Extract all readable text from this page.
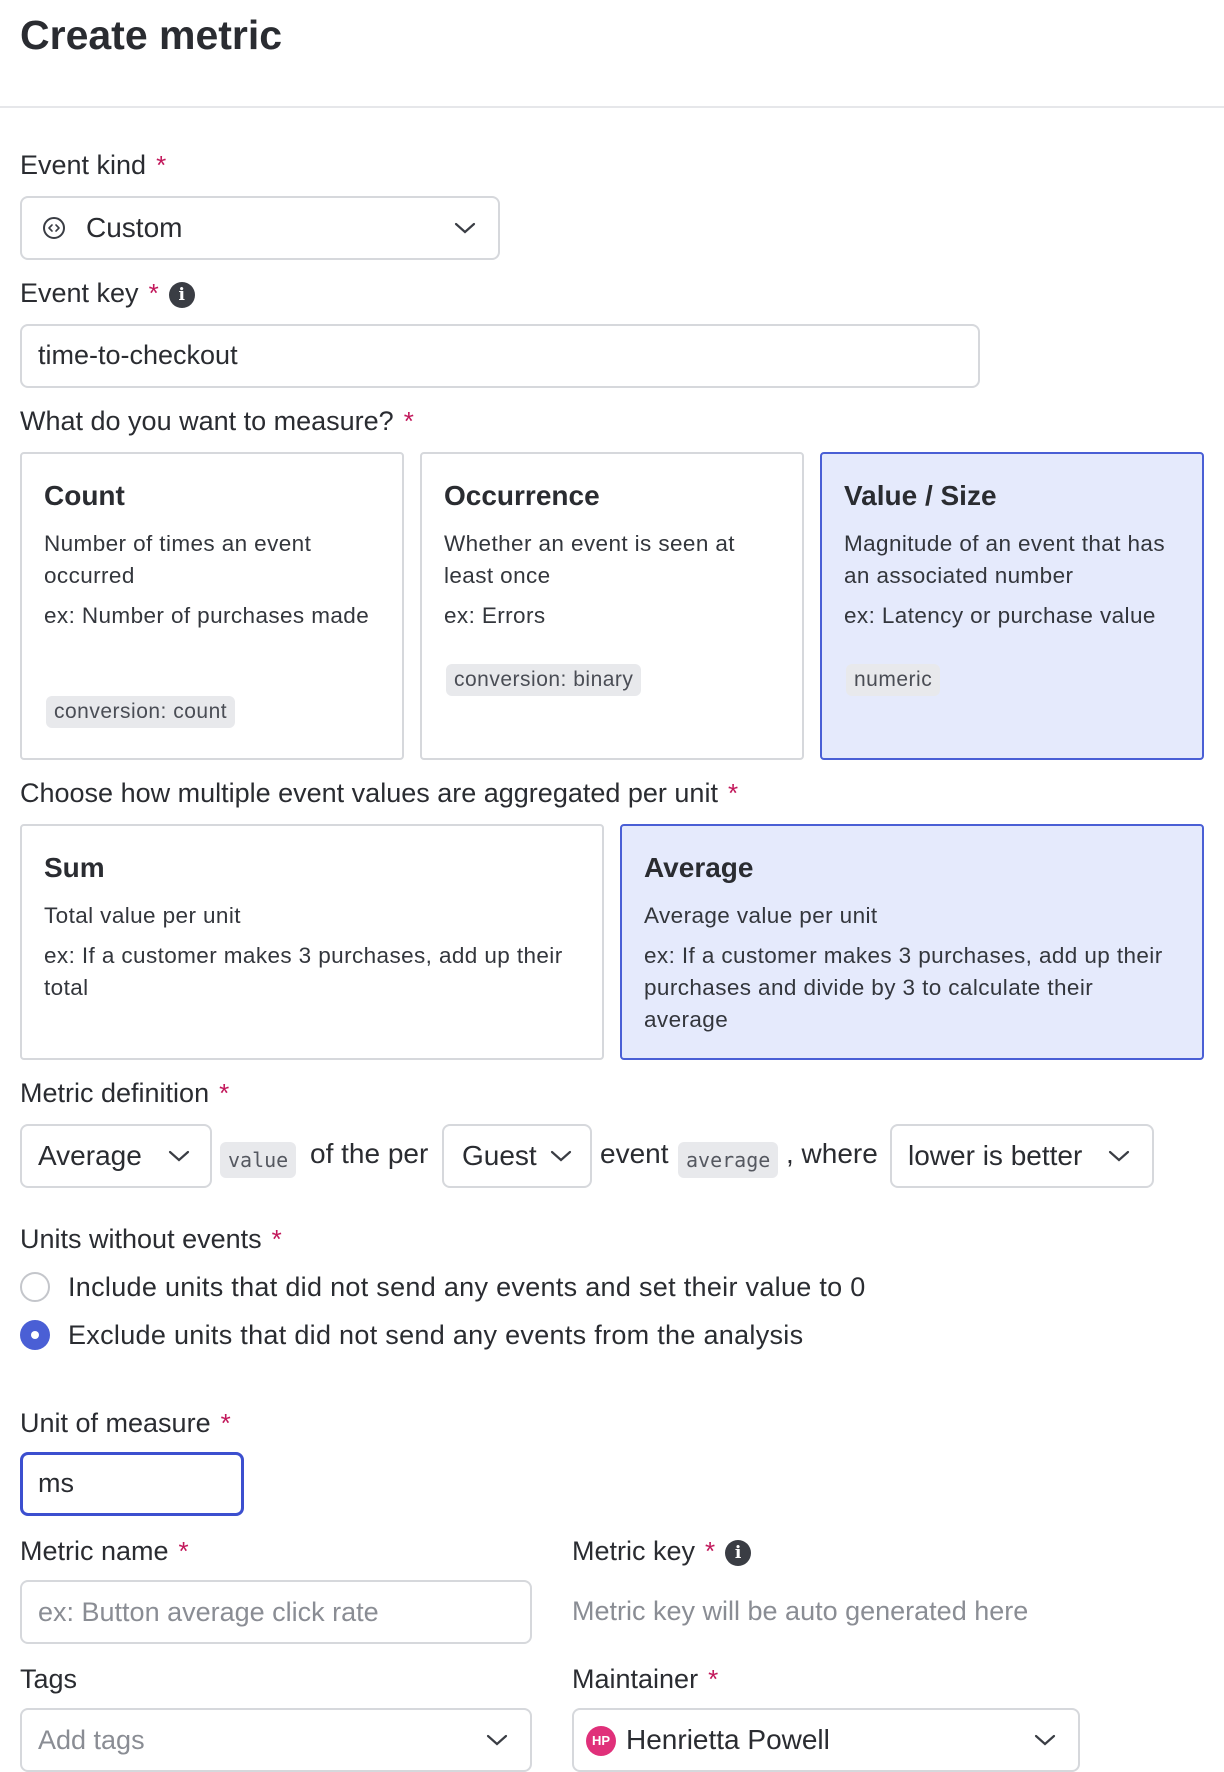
Create metric
Event kind *
Custom
Event key * i
time-to-checkout
What do you want to measure? *
Count
Number of times an event occurred
ex: Number of purchases made
conversion: count
Occurrence
Whether an event is seen at least once
ex: Errors
conversion: binary
Value / Size
Magnitude of an event that has an associated number
ex: Latency or purchase value
numeric
Choose how multiple event values are aggregated per unit *
Sum
Total value per unit
ex: If a customer makes 3 purchases, add up their total
Average
Average value per unit
ex: If a customer makes 3 purchases, add up their purchases and divide by 3 to calculate their average
Metric definition *
Average	value of the per Guest event average , where lower is better
Units without events *
Include units that did not send any events and set their value to 0
Exclude units that did not send any events from the analysis
Unit of measure *
ms
Metric name *
ex: Button average click rate
Metric key * i
Metric key will be auto generated here
Tags
Add tags
Maintainer *
HP Henrietta Powell
